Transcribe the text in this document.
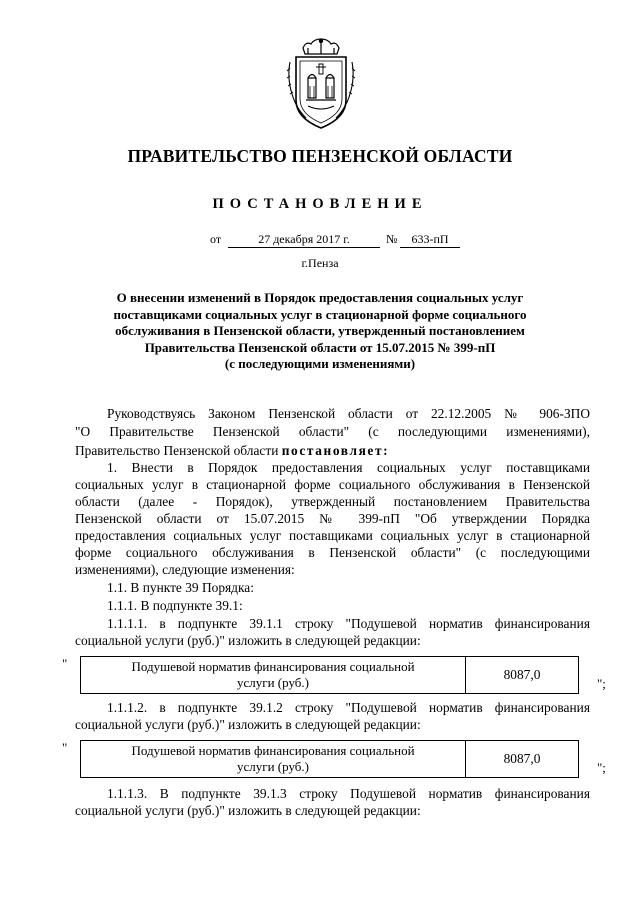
ПРАВИТЕЛЬСТВО ПЕНЗЕНСКОЙ ОБЛАСТИ
ПОСТАНОВЛЕНИЕ
от	27 декабря 2017 г.	№	633-пП
г.Пенза
О внесении изменений в Порядок предоставления социальных услуг
поставщиками социальных услуг в стационарной форме социального
обслуживания в Пензенской области, утвержденный постановлением
Правительства Пензенской области от 15.07.2015 № 399-пП
(с последующими изменениями)
Руководствуясь Законом Пензенской области от 22.12.2005 № 906-ЗПО
"О Правительстве Пензенской области" (с последующими изменениями),
Правительство Пензенской области постановляет:
1. Внести в Порядок предоставления социальных услуг поставщиками
социальных услуг в стационарной форме социального обслуживания в Пензенской
области (далее - Порядок), утвержденный постановлением Правительства
Пензенской области от 15.07.2015 № 399-пП "Об утверждении Порядка
предоставления социальных услуг поставщиками социальных услуг в стационарной
форме социального обслуживания в Пензенской области" (с последующими
изменениями), следующие изменения:
1.1. В пункте 39 Порядка:
1.1.1. В подпункте 39.1:
1.1.1.1. в подпункте 39.1.1 строку "Подушевой норматив финансирования
социальной услуги (руб.)" изложить в следующей редакции:
"	Подушевой норматив финансирования социальной
услуги (руб.)
8087,0
";
1.1.1.2. в подпункте 39.1.2 строку "Подушевой норматив финансирования
социальной услуги (руб.)" изложить в следующей редакции:
"	Подушевой норматив финансирования социальной
услуги (руб.)
8087,0
";
1.1.1.3. В подпункте 39.1.3 строку Подушевой норматив финансирования
социальной услуги (руб.)" изложить в следующей редакции:
